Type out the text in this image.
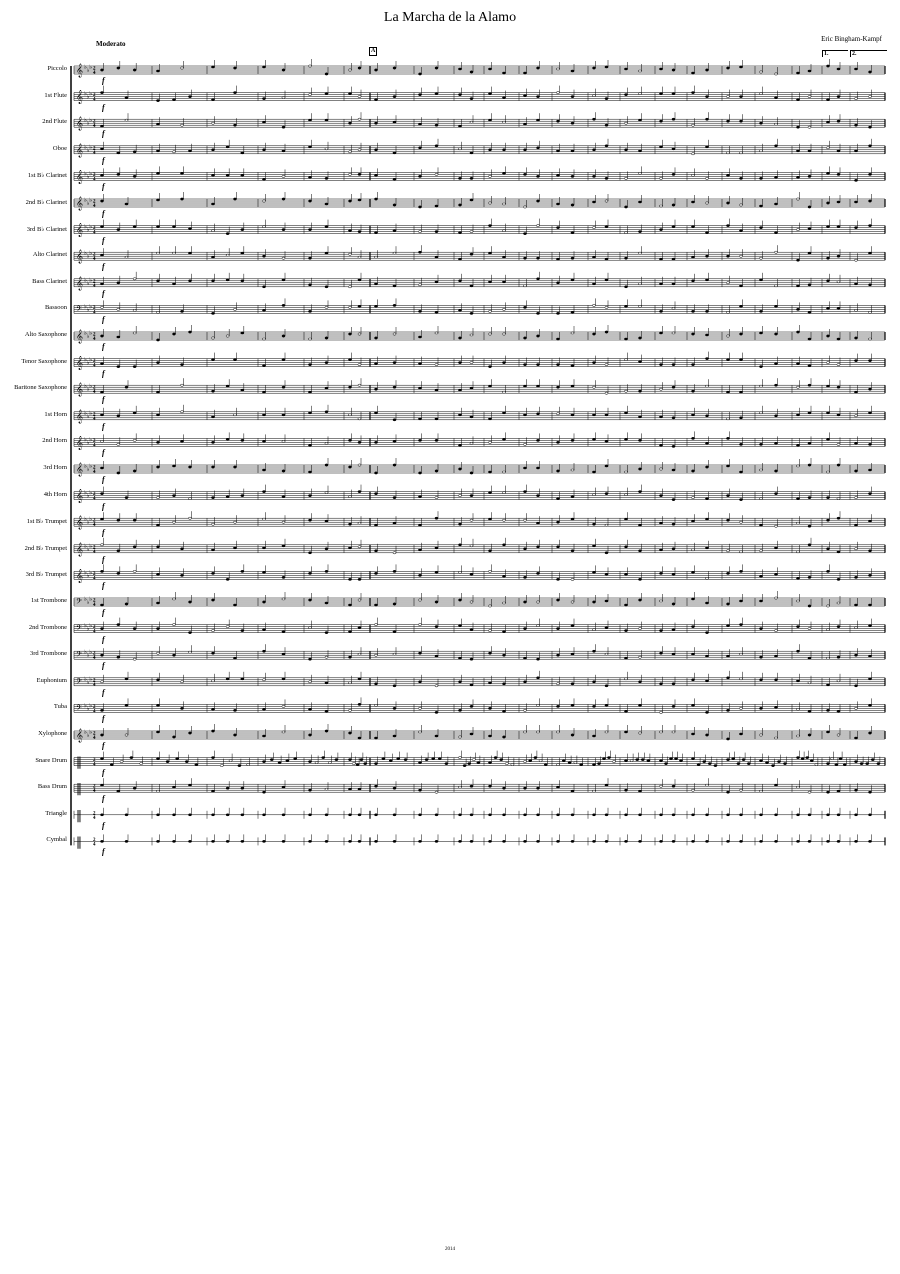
La Marcha de la Alamo
Eric Bingham-Kampf
Moderato
A	1.	2.
2014
Piccolo
f
1st Flute
f
2nd Flute
f
Oboe
f
1st B♭ Clarinet
f
2nd B♭ Clarinet
f
3rd B♭ Clarinet
f
Alto Clarinet
f
Bass Clarinet
f
Bassoon
f
Alto Saxophone
f
Tenor Saxophone
f
Baritone Saxophone
f
1st Horn
f
2nd Horn
f
3rd Horn
f
4th Horn
f
1st B♭ Trumpet
f
2nd B♭ Trumpet
f
3rd B♭ Trumpet
f
1st Trombone
f
2nd Trombone
f
3rd Trombone
f
Euphonium
f
Tuba
f
Xylophone
f
Snare Drum
f
Bass Drum
f
Triangle
f
Cymbal
f
𝄞 ♭ ♭ ♭ 2
4
𝄞 ♭ ♭ ♭ 2
4
𝄞 ♭ ♭ ♭ 2
4
𝄞 ♭ ♭ ♭ 2
4
𝄞 ♭ ♭ ♭ 2
4
𝄞 ♭ ♭ ♭ 2
4
𝄞 ♭ ♭ ♭ 2
4
𝄞 ♭ ♭ ♭ 2
4
𝄞 ♭ ♭ ♭ 2
4
𝄢 ♭ ♭ ♭ 2
4
𝄞 ♭ ♭ ♭ 2
4
𝄞 ♭ ♭ ♭ 2
4
𝄞 ♭ ♭ ♭ 2
4
𝄞 ♭ ♭ ♭ 2
4
𝄞 ♭ ♭ ♭ 2
4
𝄞 ♭ ♭ ♭ 2
4
𝄞 ♭ ♭ ♭ 2
4
𝄞 ♭ ♭ ♭ 2
4
𝄞 ♭ ♭ ♭ 2
4
𝄞 ♭ ♭ ♭ 2
4
𝄢 ♭ ♭ ♭ 2
4
𝄢 ♭ ♭ ♭ 2
4
𝄢 ♭ ♭ ♭ 2
4
𝄢 ♭ ♭ ♭ 2
4
𝄢 ♭ ♭ ♭ 2
4
𝄞 ♭ ♭ ♭ 2
4
‖ 2
4
‖ 2
4
‖ 2
4
‖ 2
4
